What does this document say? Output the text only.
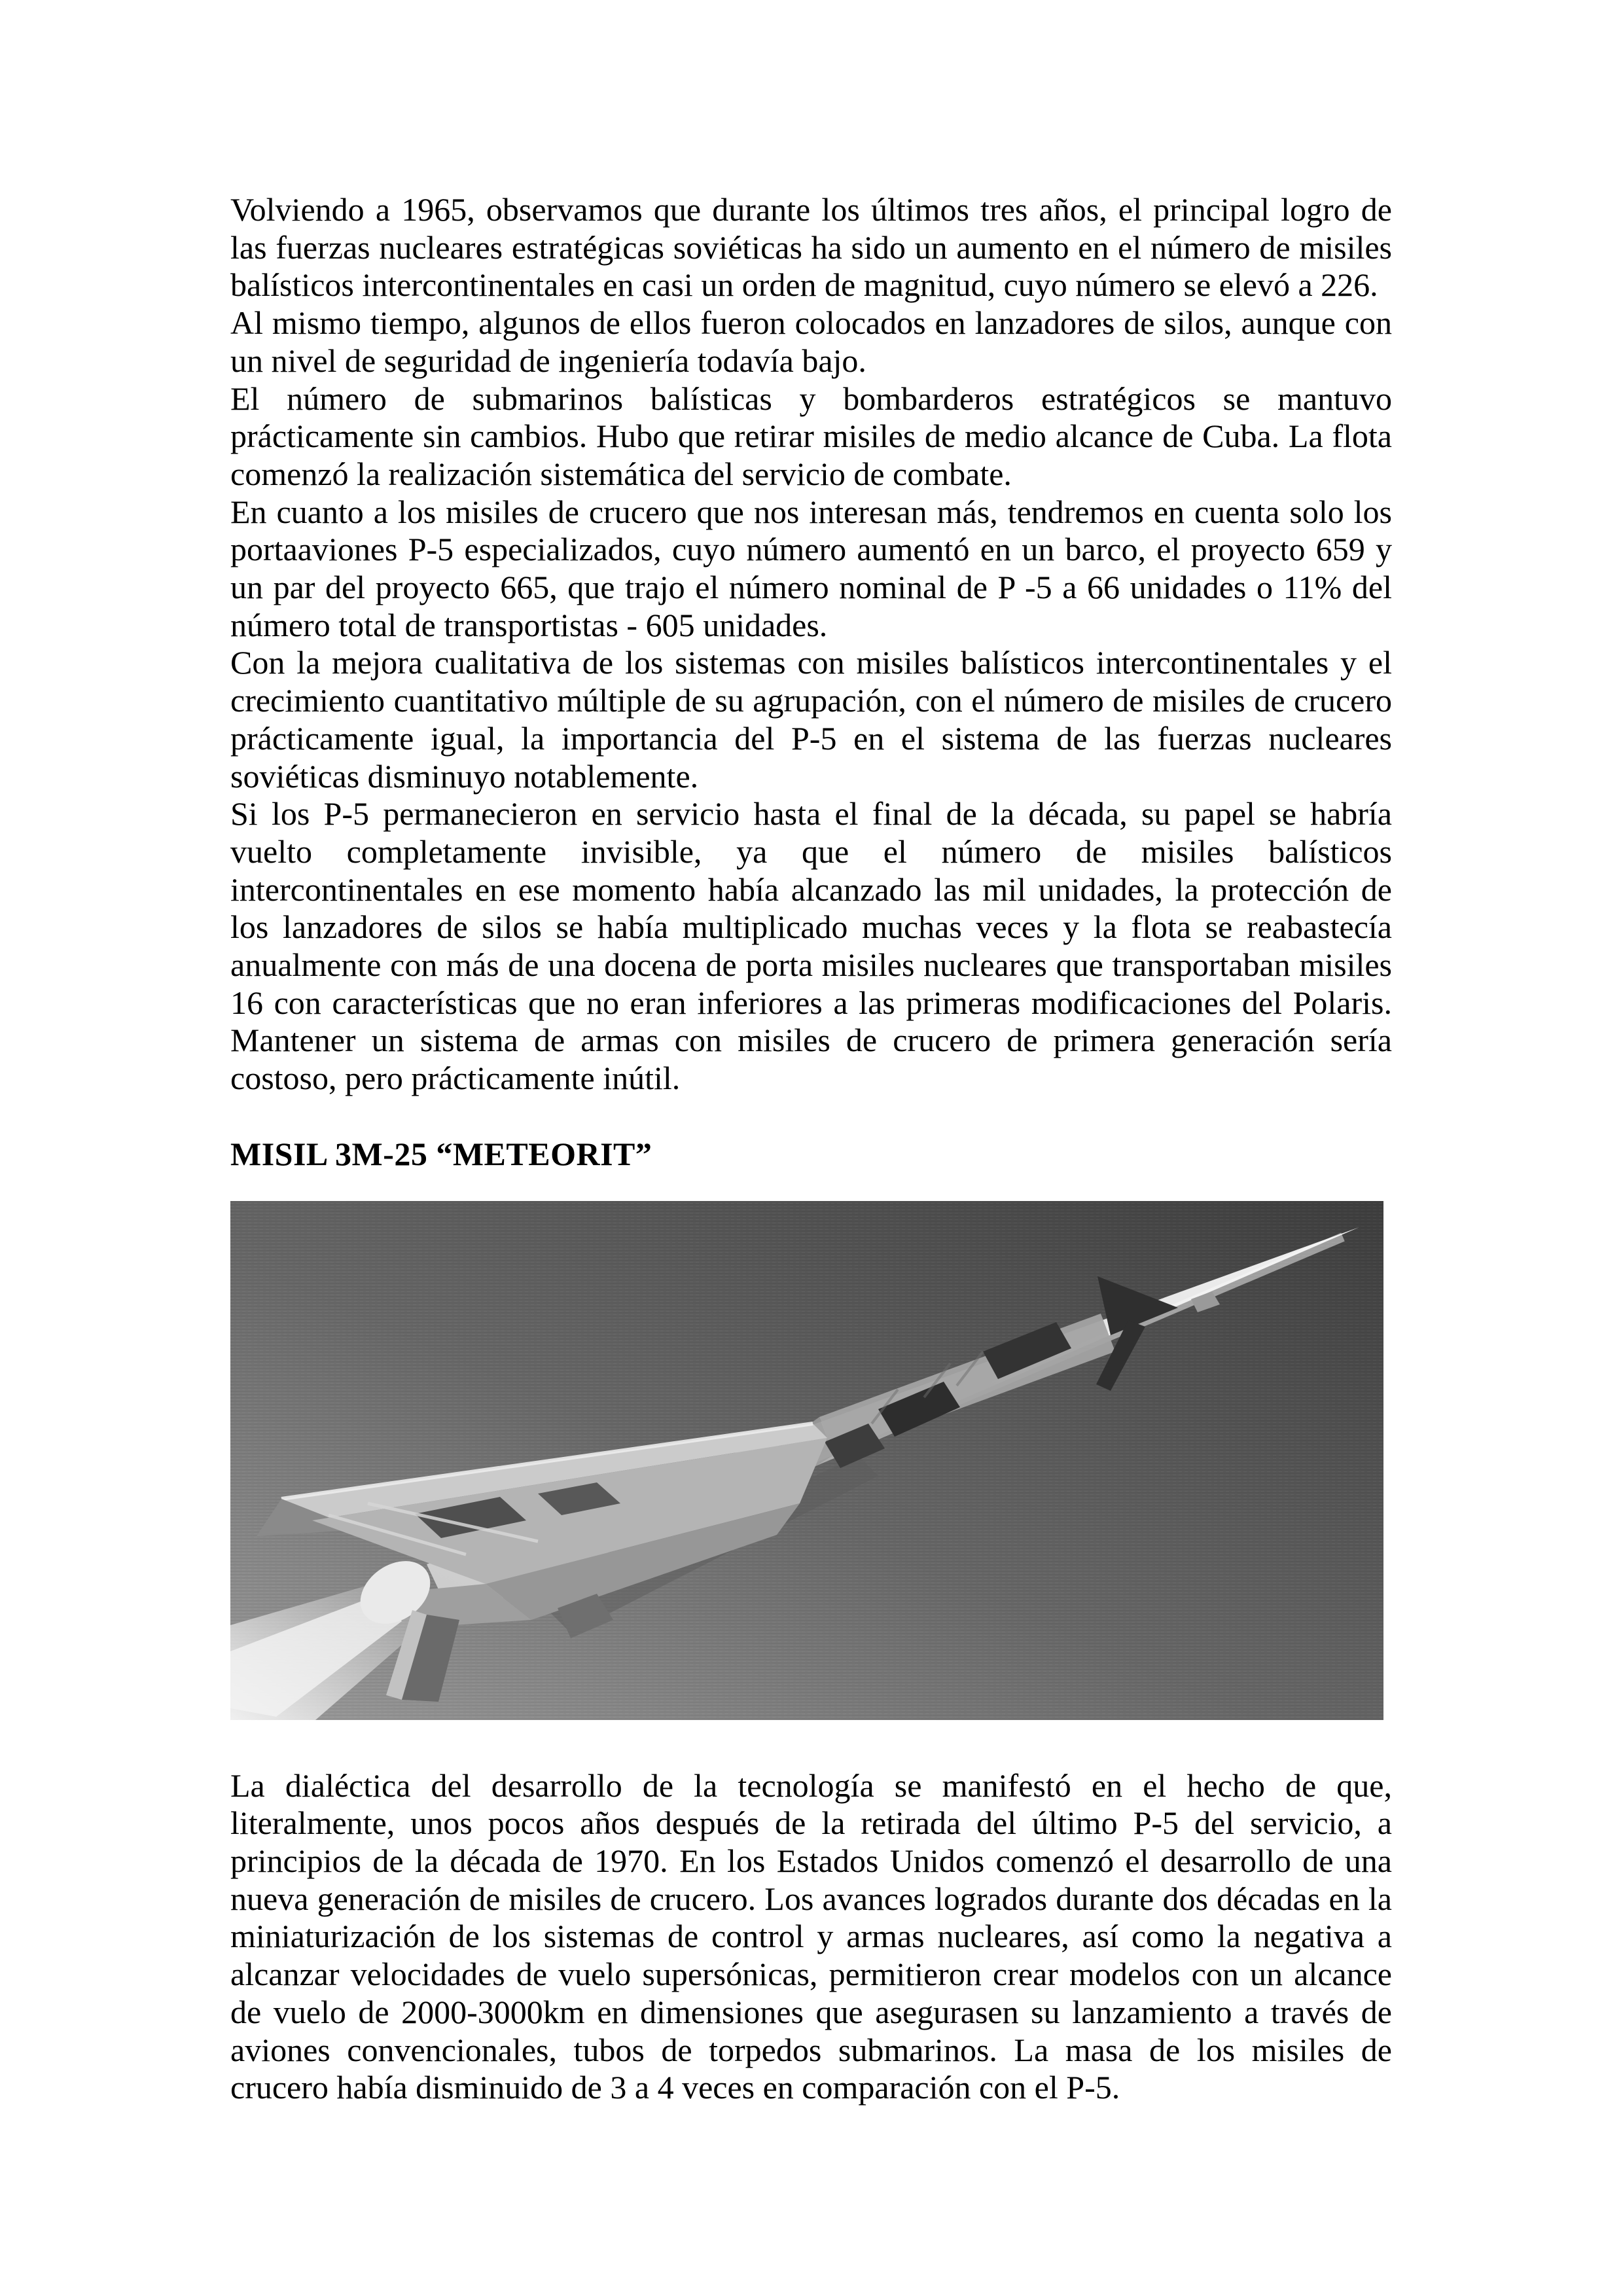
Volviendo a 1965, observamos que durante los últimos tres años, el principal logro de
las fuerzas nucleares estratégicas soviéticas ha sido un aumento en el número de misiles
balísticos intercontinentales en casi un orden de magnitud, cuyo número se elevó a 226.
Al mismo tiempo, algunos de ellos fueron colocados en lanzadores de silos, aunque con
un nivel de seguridad de ingeniería todavía bajo.
El número de submarinos balísticas y bombarderos estratégicos se mantuvo
prácticamente sin cambios. Hubo que retirar misiles de medio alcance de Cuba. La flota
comenzó la realización sistemática del servicio de combate.
En cuanto a los misiles de crucero que nos interesan más, tendremos en cuenta solo los
portaaviones P-5 especializados, cuyo número aumentó en un barco, el proyecto 659 y
un par del proyecto 665, que trajo el número nominal de P -5 a 66 unidades o 11% del
número total de transportistas - 605 unidades.
Con la mejora cualitativa de los sistemas con misiles balísticos intercontinentales y el
crecimiento cuantitativo múltiple de su agrupación, con el número de misiles de crucero
prácticamente igual, la importancia del P-5 en el sistema de las fuerzas nucleares
soviéticas disminuyo notablemente.
Si los P-5 permanecieron en servicio hasta el final de la década, su papel se habría
vuelto completamente invisible, ya que el número de misiles balísticos
intercontinentales en ese momento había alcanzado las mil unidades, la protección de
los lanzadores de silos se había multiplicado muchas veces y la flota se reabastecía
anualmente con más de una docena de porta misiles nucleares que transportaban misiles
16 con características que no eran inferiores a las primeras modificaciones del Polaris.
Mantener un sistema de armas con misiles de crucero de primera generación sería
costoso, pero prácticamente inútil.
MISIL 3M-25 “METEORIT”
La dialéctica del desarrollo de la tecnología se manifestó en el hecho de que,
literalmente, unos pocos años después de la retirada del último P-5 del servicio, a
principios de la década de 1970. En los Estados Unidos comenzó el desarrollo de una
nueva generación de misiles de crucero. Los avances logrados durante dos décadas en la
miniaturización de los sistemas de control y armas nucleares, así como la negativa a
alcanzar velocidades de vuelo supersónicas, permitieron crear modelos con un alcance
de vuelo de 2000-3000km en dimensiones que asegurasen su lanzamiento a través de
aviones convencionales, tubos de torpedos submarinos. La masa de los misiles de
crucero había disminuido de 3 a 4 veces en comparación con el P-5.
